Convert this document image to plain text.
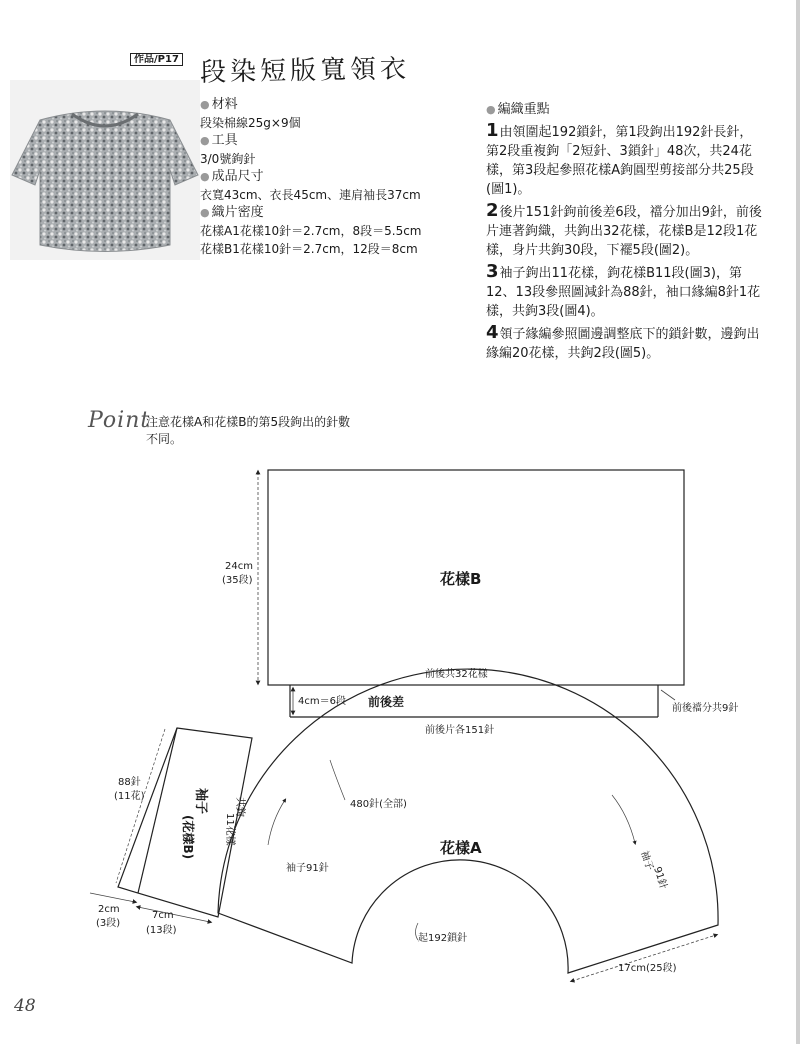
作品/P17 段染短版寬領衣
● 材料
段染棉線25g×9個
● 工具
3/0號鉤針
● 成品尺寸
衣寬43cm、衣長45cm、連肩袖長37cm
● 織片密度
花樣A1花樣10針＝2.7cm，8段＝5.5cm
花樣B1花樣10針＝2.7cm，12段＝8cm
● 編織重點
1由領圍起192鎖針，第1段鉤出192針長針，第2段重複鉤「2短針、3鎖針」48次，共24花樣，第3段起參照花樣A鉤圓型剪接部分共25段(圖1)。
2後片151針鉤前後差6段，襠分加出9針，前後片連著鉤織，共鉤出32花樣，花樣B是12段1花樣，身片共鉤30段，下襬5段(圖2)。
3袖子鉤出11花樣，鉤花樣B11段(圖3)，第12、13段參照圖減針為88針，袖口緣編8針1花樣，共鉤3段(圖4)。
4領子緣編參照圖邊調整底下的鎖針數，邊鉤出緣編20花樣，共鉤2段(圖5)。
Point
注意花樣A和花樣B的第5段鉤出的針數不同。
24cm
(35段)	花樣B
前後共32花樣
4cm＝6段 前後差	前後襠分共9針
前後片各151針
88針
(11花)	袖子
(花樣B)
共鉤
11花樣
2cm
(3段)
7cm
(13段)
480針(全部)
花樣A
袖子91針	袖子
91針
起192鎖針
17cm(25段)
48
